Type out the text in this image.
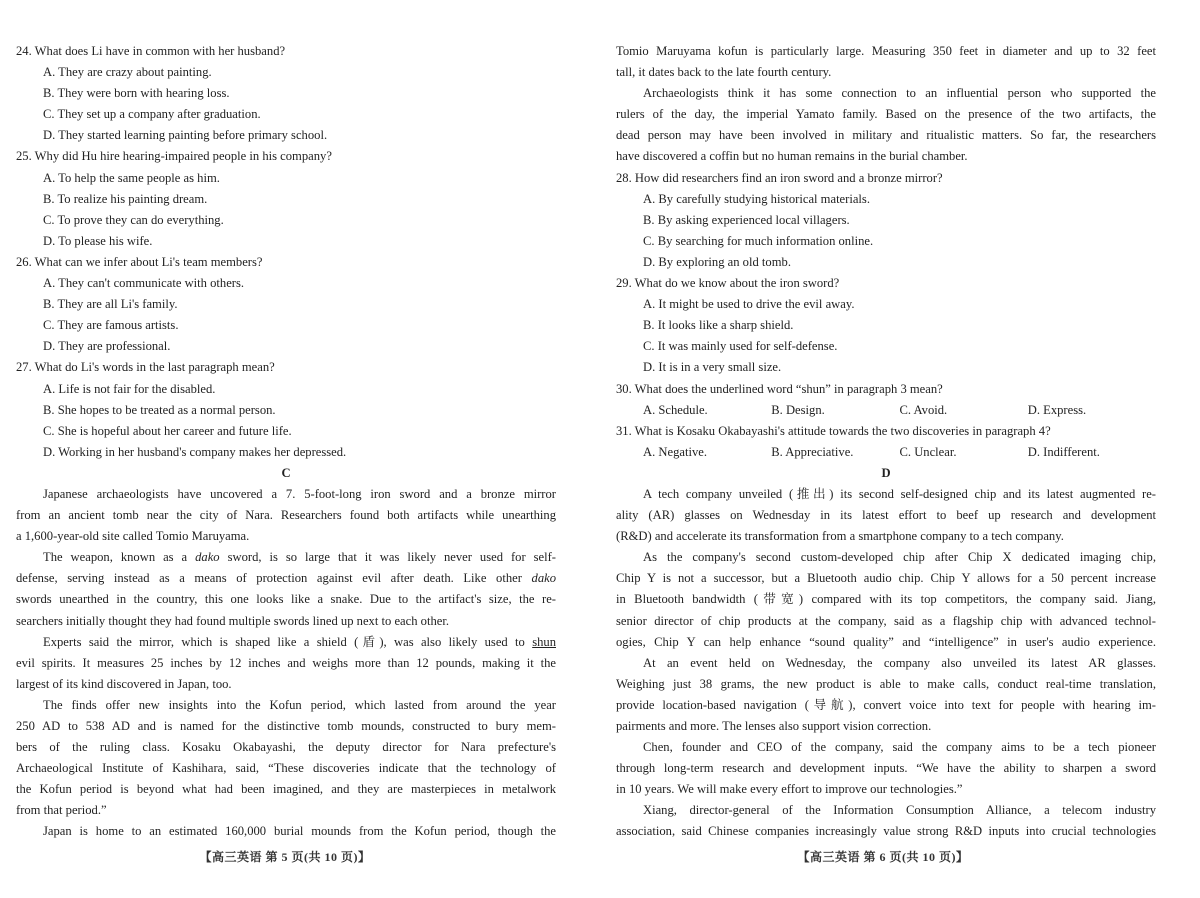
24. What does Li have in common with her husband?
A. They are crazy about painting.
B. They were born with hearing loss.
C. They set up a company after graduation.
D. They started learning painting before primary school.
25. Why did Hu hire hearing-impaired people in his company?
A. To help the same people as him.
B. To realize his painting dream.
C. To prove they can do everything.
D. To please his wife.
26. What can we infer about Li's team members?
A. They can't communicate with others.
B. They are all Li's family.
C. They are famous artists.
D. They are professional.
27. What do Li's words in the last paragraph mean?
A. Life is not fair for the disabled.
B. She hopes to be treated as a normal person.
C. She is hopeful about her career and future life.
D. Working in her husband's company makes her depressed.
C
Japanese archaeologists have uncovered a 7. 5-foot-long iron sword and a bronze mirror
from an ancient tomb near the city of Nara. Researchers found both artifacts while unearthing
a 1,600-year-old site called Tomio Maruyama.
The weapon, known as a dako sword, is so large that it was likely never used for self-
defense, serving instead as a means of protection against evil after death. Like other dako
swords unearthed in the country, this one looks like a snake. Due to the artifact's size, the re-
searchers initially thought they had found multiple swords lined up next to each other.
Experts said the mirror, which is shaped like a shield (盾), was also likely used to shun
evil spirits. It measures 25 inches by 12 inches and weighs more than 12 pounds, making it the
largest of its kind discovered in Japan, too.
The finds offer new insights into the Kofun period, which lasted from around the year
250 AD to 538 AD and is named for the distinctive tomb mounds, constructed to bury mem-
bers of the ruling class. Kosaku Okabayashi, the deputy director for Nara prefecture's
Archaeological Institute of Kashihara, said, “These discoveries indicate that the technology of
the Kofun period is beyond what had been imagined, and they are masterpieces in metalwork
from that period.”
Japan is home to an estimated 160,000 burial mounds from the Kofun period, though the
【高三英语 第 5 页(共 10 页)】
Tomio Maruyama kofun is particularly large. Measuring 350 feet in diameter and up to 32 feet
tall, it dates back to the late fourth century.
Archaeologists think it has some connection to an influential person who supported the
rulers of the day, the imperial Yamato family. Based on the presence of the two artifacts, the
dead person may have been involved in military and ritualistic matters. So far, the researchers
have discovered a coffin but no human remains in the burial chamber.
28. How did researchers find an iron sword and a bronze mirror?
A. By carefully studying historical materials.
B. By asking experienced local villagers.
C. By searching for much information online.
D. By exploring an old tomb.
29. What do we know about the iron sword?
A. It might be used to drive the evil away.
B. It looks like a sharp shield.
C. It was mainly used for self-defense.
D. It is in a very small size.
30. What does the underlined word “shun” in paragraph 3 mean?
A. Schedule.	B. Design.	C. Avoid.	D. Express.
31. What is Kosaku Okabayashi's attitude towards the two discoveries in paragraph 4?
A. Negative.	B. Appreciative.	C. Unclear.	D. Indifferent.
D
A tech company unveiled (推出) its second self-designed chip and its latest augmented re-
ality (AR) glasses on Wednesday in its latest effort to beef up research and development
(R&D) and accelerate its transformation from a smartphone company to a tech company.
As the company's second custom-developed chip after Chip X dedicated imaging chip,
Chip Y is not a successor, but a Bluetooth audio chip. Chip Y allows for a 50 percent increase
in Bluetooth bandwidth (带宽) compared with its top competitors, the company said. Jiang,
senior director of chip products at the company, said as a flagship chip with advanced technol-
ogies, Chip Y can help enhance “sound quality” and “intelligence” in user's audio experience.
At an event held on Wednesday, the company also unveiled its latest AR glasses.
Weighing just 38 grams, the new product is able to make calls, conduct real-time translation,
provide location-based navigation (导航), convert voice into text for people with hearing im-
pairments and more. The lenses also support vision correction.
Chen, founder and CEO of the company, said the company aims to be a tech pioneer
through long-term research and development inputs. “We have the ability to sharpen a sword
in 10 years. We will make every effort to improve our technologies.”
Xiang, director-general of the Information Consumption Alliance, a telecom industry
association, said Chinese companies increasingly value strong R&D inputs into crucial technologies
【高三英语 第 6 页(共 10 页)】
